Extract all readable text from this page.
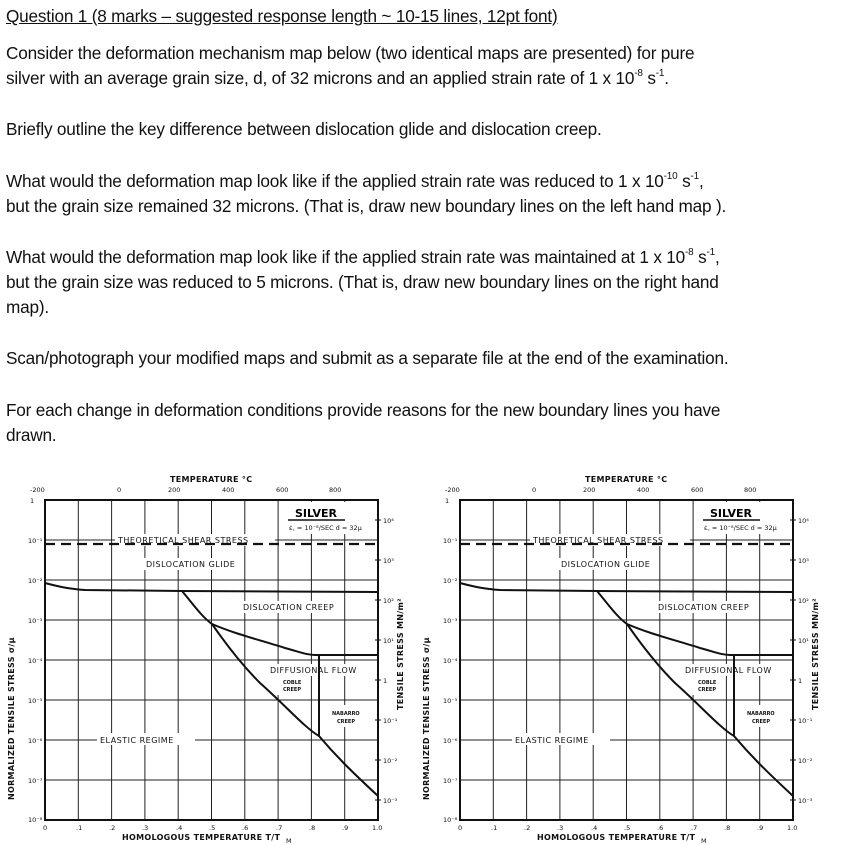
Question 1 (8 marks – suggested response length ~ 10-15 lines, 12pt font)
Consider the deformation mechanism map below (two identical maps are presented) for pure
silver with an average grain size, d, of 32 microns and an applied strain rate of 1 x $10^{-8}$ $s^{-1}$.
Briefly outline the key difference between dislocation glide and dislocation creep.
What would the deformation map look like if the applied strain rate was reduced to 1 x $10^{-10}$ $s^{-1}$,
but the grain size remained 32 microns. (That is, draw new boundary lines on the left hand map ).
What would the deformation map look like if the applied strain rate was maintained at 1 x $10^{-8}$ $s^{-1}$,
but the grain size was reduced to 5 microns. (That is, draw new boundary lines on the right hand
map).
Scan/photograph your modified maps and submit as a separate file at the end of the examination.
For each change in deformation conditions provide reasons for the new boundary lines you have
drawn.
TEMPERATURE °C
-200	0	200	400	600	800
THEORETICAL SHEAR STRESS
DISLOCATION GLIDE
DISLOCATION CREEP
DIFFUSIONAL FLOW
COBLE
CREEP
NABARRO
CREEP
ELASTIC REGIME
SILVER
ε̇꜀ = 10⁻⁸/SEC d = 32μ
1
10⁻¹
10⁻²
10⁻³
10⁻⁴
10⁻⁵
10⁻⁶
10⁻⁷
10⁻⁸
NORMALIZED TENSILE STRESS σ/μ
10⁴
10³
10²
10¹
1
10⁻¹
10⁻²
10⁻³
TENSILE STRESS MN/m²
0	.1	.2	.3	.4	.5	.6	.7	.8	.9	1.0
HOMOLOGOUS TEMPERATURE T/T M
TEMPERATURE °C
-200	0	200	400	600	800
THEORETICAL SHEAR STRESS
DISLOCATION GLIDE
DISLOCATION CREEP
DIFFUSIONAL FLOW
COBLE
CREEP
NABARRO
CREEP
ELASTIC REGIME
SILVER
ε̇꜀ = 10⁻⁸/SEC d = 32μ
1
10⁻¹
10⁻²
10⁻³
10⁻⁴
10⁻⁵
10⁻⁶
10⁻⁷
10⁻⁸
NORMALIZED TENSILE STRESS σ/μ
10⁴
10³
10²
10¹
1
10⁻¹
10⁻²
10⁻³
TENSILE STRESS MN/m²
0	.1	.2	.3	.4	.5	.6	.7	.8	.9	1.0
HOMOLOGOUS TEMPERATURE T/T M
